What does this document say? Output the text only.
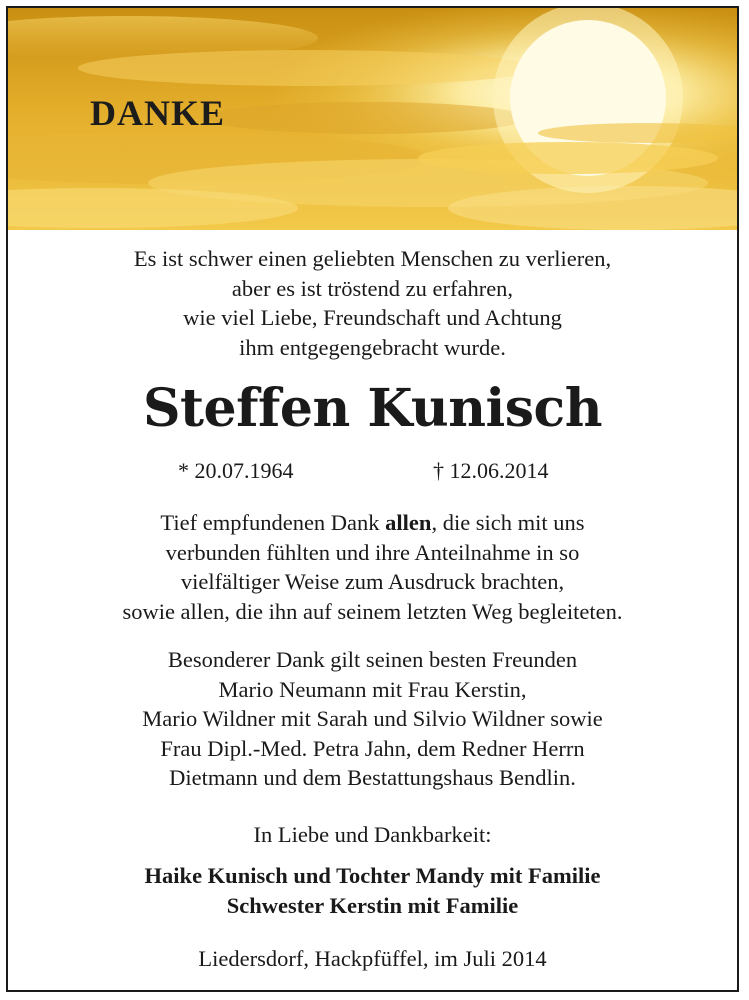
DANKE

Es ist schwer einen geliebten Menschen zu verlieren,

aber es ist tröstend zu erfahren,

wie viel Liebe, Freundschaft und Achtung

ihm entgegengebracht wurde.

Steffen Kunisch
* 20.07.1964	† 12.06.2014

Tief empfundenen Dank allen, die sich mit uns

verbunden fühlten und ihre Anteilnahme in so

vielfältiger Weise zum Ausdruck brachten,

sowie allen, die ihn auf seinem letzten Weg begleiteten.

Besonderer Dank gilt seinen besten Freunden

Mario Neumann mit Frau Kerstin,

Mario Wildner mit Sarah und Silvio Wildner sowie

Frau Dipl.-Med. Petra Jahn, dem Redner Herrn

Dietmann und dem Bestattungshaus Bendlin.

In Liebe und Dankbarkeit:

Haike Kunisch und Tochter Mandy mit Familie

Schwester Kerstin mit Familie

Liedersdorf, Hackpfüffel, im Juli 2014
